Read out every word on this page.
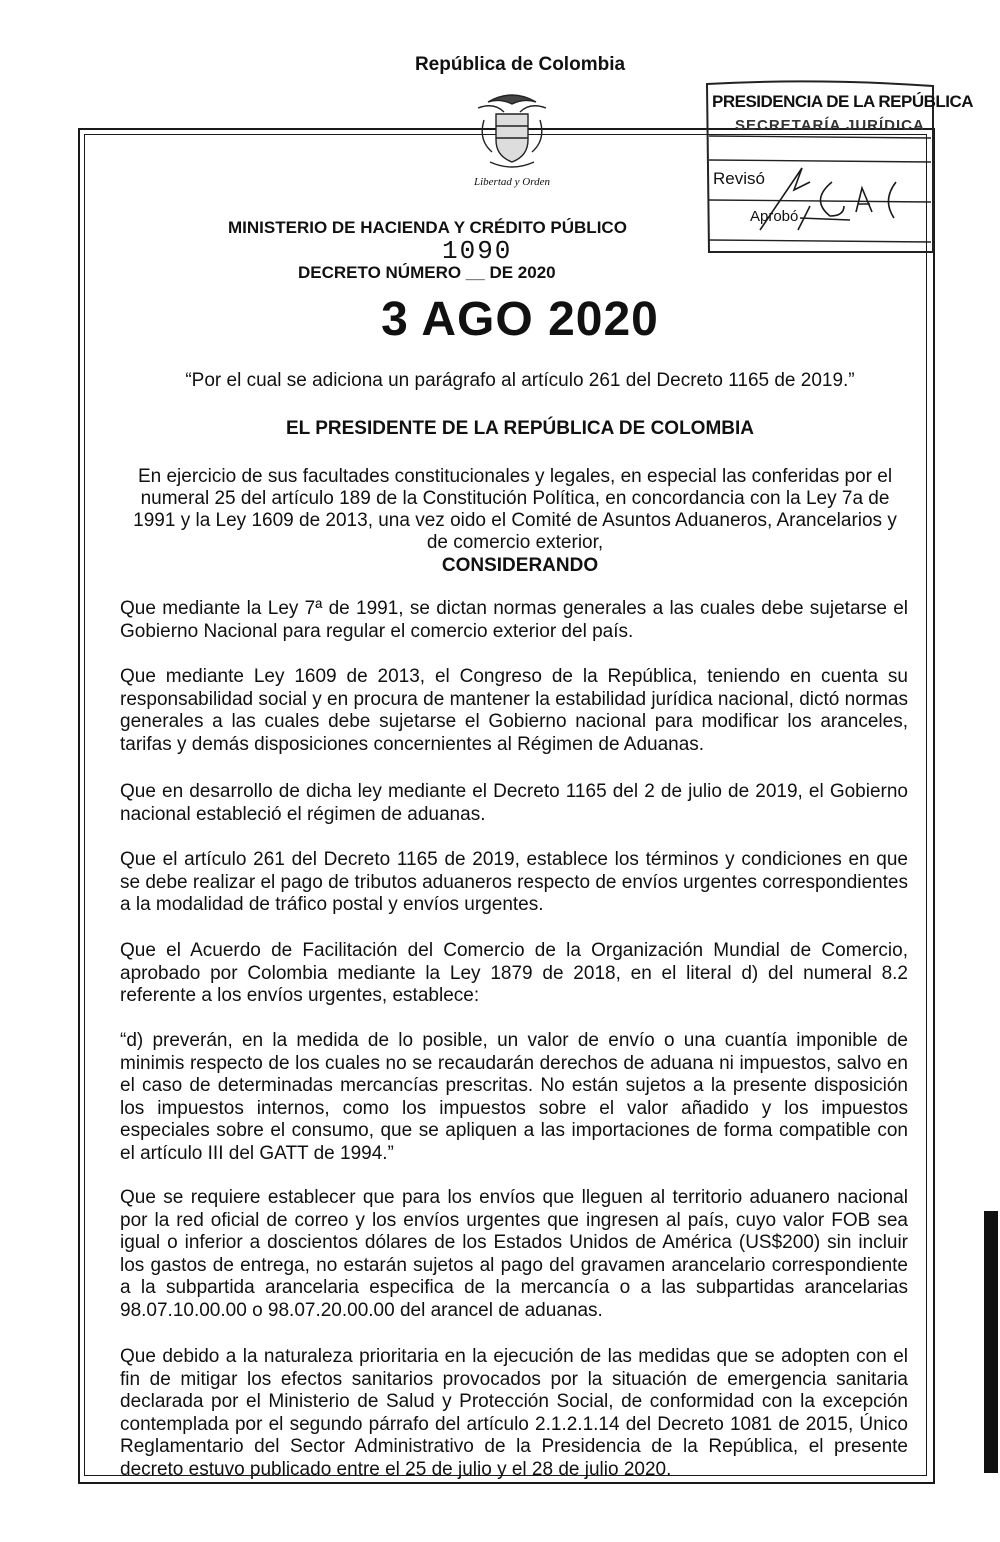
República de Colombia
Libertad y Orden
PRESIDENCIA DE LA REPÚBLICA
SECRETARÍA JURÍDICA
Revisó
Aprobó
MINISTERIO DE HACIENDA Y CRÉDITO PÚBLICO
1090
DECRETO NÚMERO __ DE 2020
3 AGO 2020
“Por el cual se adiciona un parágrafo al artículo 261 del Decreto 1165 de 2019.”
EL PRESIDENTE DE LA REPÚBLICA DE COLOMBIA
En ejercicio de sus facultades constitucionales y legales, en especial las conferidas por el numeral 25 del artículo 189 de la Constitución Política, en concordancia con la Ley 7a de 1991 y la Ley 1609 de 2013, una vez oido el Comité de Asuntos Aduaneros, Arancelarios y de comercio exterior,
CONSIDERANDO
Que mediante la Ley 7ª de 1991, se dictan normas generales a las cuales debe sujetarse el Gobierno Nacional para regular el comercio exterior del país.
Que mediante Ley 1609 de 2013, el Congreso de la República, teniendo en cuenta su responsabilidad social y en procura de mantener la estabilidad jurídica nacional, dictó normas generales a las cuales debe sujetarse el Gobierno nacional para modificar los aranceles, tarifas y demás disposiciones concernientes al Régimen de Aduanas.
Que en desarrollo de dicha ley mediante el Decreto 1165 del 2 de julio de 2019, el Gobierno nacional estableció el régimen de aduanas.
Que el artículo 261 del Decreto 1165 de 2019, establece los términos y condiciones en que se debe realizar el pago de tributos aduaneros respecto de envíos urgentes correspondientes a la modalidad de tráfico postal y envíos urgentes.
Que el Acuerdo de Facilitación del Comercio de la Organización Mundial de Comercio, aprobado por Colombia mediante la Ley 1879 de 2018, en el literal d) del numeral 8.2 referente a los envíos urgentes, establece:
“d) preverán, en la medida de lo posible, un valor de envío o una cuantía imponible de minimis respecto de los cuales no se recaudarán derechos de aduana ni impuestos, salvo en el caso de determinadas mercancías prescritas. No están sujetos a la presente disposición los impuestos internos, como los impuestos sobre el valor añadido y los impuestos especiales sobre el consumo, que se apliquen a las importaciones de forma compatible con el artículo III del GATT de 1994.”
Que se requiere establecer que para los envíos que lleguen al territorio aduanero nacional por la red oficial de correo y los envíos urgentes que ingresen al país, cuyo valor FOB sea igual o inferior a doscientos dólares de los Estados Unidos de América (US$200) sin incluir los gastos de entrega, no estarán sujetos al pago del gravamen arancelario correspondiente a la subpartida arancelaria especifica de la mercancía o a las subpartidas arancelarias 98.07.10.00.00 o 98.07.20.00.00 del arancel de aduanas.
Que debido a la naturaleza prioritaria en la ejecución de las medidas que se adopten con el fin de mitigar los efectos sanitarios provocados por la situación de emergencia sanitaria declarada por el Ministerio de Salud y Protección Social, de conformidad con la excepción contemplada por el segundo párrafo del artículo 2.1.2.1.14 del Decreto 1081 de 2015, Único Reglamentario del Sector Administrativo de la Presidencia de la República, el presente decreto estuvo publicado entre el 25 de julio y el 28 de julio 2020.
